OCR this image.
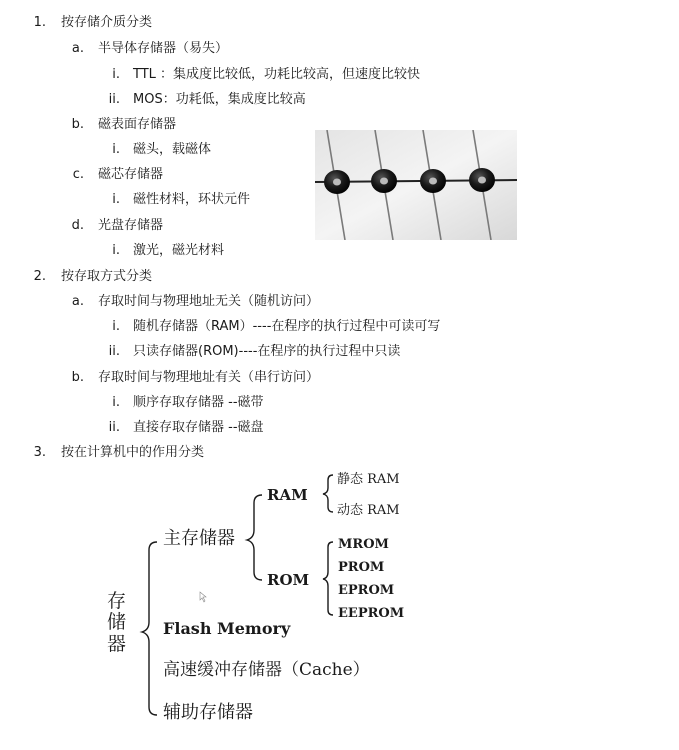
1. 按存储介质分类
a. 半导体存储器（易失）
i. TTL ：集成度比较低，功耗比较高，但速度比较快
ii. MOS：功耗低，集成度比较高
b. 磁表面存储器
i. 磁头，载磁体
c. 磁芯存储器
i. 磁性材料，环状元件
d. 光盘存储器
i. 激光，磁光材料
2. 按存取方式分类
a. 存取时间与物理地址无关（随机访问）
i. 随机存储器（RAM）----在程序的执行过程中可读可写
ii. 只读存储器(ROM)----在程序的执行过程中只读
b. 存取时间与物理地址有关（串行访问）
i. 顺序存取存储器 --磁带
ii. 直接存取存储器 --磁盘
3. 按在计算机中的作用分类
存
储
器
主存储器
RAM
静态 RAM
动态 RAM
ROM
MROM
PROM
EPROM
EEPROM
Flash Memory
高速缓冲存储器（Cache）
辅助存储器
